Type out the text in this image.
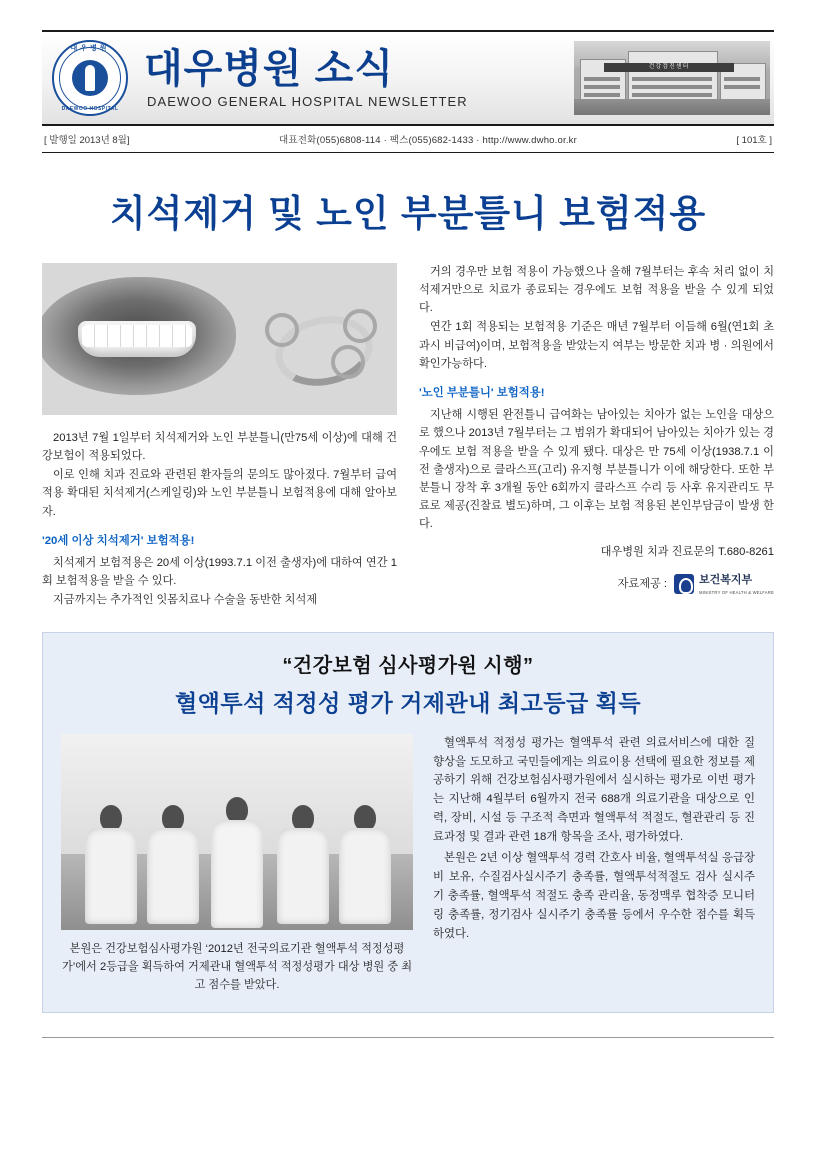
대우병원
DAEWOO HOSPITAL
대우병원 소식
DAEWOO GENERAL HOSPITAL NEWSLETTER
건강검진센터
[ 발행일 2013년 8월]	대표전화(055)6808-114 · 팩스(055)682-1433 · http://www.dwho.or.kr	[ 101호 ]
치석제거 및 노인 부분틀니 보험적용

2013년 7월 1일부터 치석제거와 노인 부분틀니(만75세 이상)에 대해 건강보험이 적용되었다.

이로 인해 치과 진료와 관련된 환자들의 문의도 많아졌다. 7월부터 급여적용 확대된 치석제거(스케일링)와 노인 부분틀니 보험적용에 대해 알아보자.

'20세 이상 치석제거' 보험적용!

치석제거 보험적용은 20세 이상(1993.7.1 이전 출생자)에 대하여 연간 1회 보험적용을 받을 수 있다.

지금까지는 추가적인 잇몸치료나 수술을 동반한 치석제

거의 경우만 보험 적용이 가능했으나 올해 7월부터는 후속 처리 없이 치석제거만으로 치료가 종료되는 경우에도 보험 적용을 받을 수 있게 되었다.

연간 1회 적용되는 보험적용 기준은 매년 7월부터 이듬해 6월(연1회 초과시 비급여)이며, 보험적용을 받았는지 여부는 방문한 치과 병 · 의원에서 확인가능하다.

'노인 부분틀니' 보험적용!

지난해 시행된 완전틀니 급여화는 남아있는 치아가 없는 노인을 대상으로 했으나 2013년 7월부터는 그 범위가 확대되어 남아있는 치아가 있는 경우에도 보험 적용을 받을 수 있게 됐다. 대상은 만 75세 이상(1938.7.1 이전 출생자)으로 클라스프(고리) 유지형 부분틀니가 이에 해당한다. 또한 부분틀니 장착 후 3개월 동안 6회까지 클라스프 수리 등 사후 유지관리도 무료로 제공(진찰료 별도)하며, 그 이후는 보험 적용된 본인부담금이 발생 한다.

대우병원 치과 진료문의 T.680-8261
자료제공 :	보건복지부
MINISTRY OF HEALTH & WELFARE
“건강보험 심사평가원 시행”
혈액투석 적정성 평가 거제관내 최고등급 획득
본원은 건강보험심사평가원 ‘2012년 전국의료기관 혈액투석 적정성평가’에서 2등급을 획득하여 거제관내 혈액투석 적정성평가 대상 병원 중 최고 점수를 받았다.

혈액투석 적정성 평가는 혈액투석 관련 의료서비스에 대한 질 향상을 도모하고 국민들에게는 의료이용 선택에 필요한 정보를 제공하기 위해 건강보험심사평가원에서 실시하는 평가로 이번 평가는 지난해 4월부터 6월까지 전국 688개 의료기관을 대상으로 인력, 장비, 시설 등 구조적 측면과 혈액투석 적절도, 혈관관리 등 진료과정 및 결과 관련 18개 항목을 조사, 평가하였다.

본원은 2년 이상 혈액투석 경력 간호사 비율, 혈액투석실 응급장비 보유, 수질검사실시주기 충족률, 혈액투석적절도 검사 실시주기 충족률, 혈액투석 적절도 충족 관리율, 동정맥루 협착증 모니터링 충족률, 정기검사 실시주기 충족률 등에서 우수한 점수를 획득하였다.
